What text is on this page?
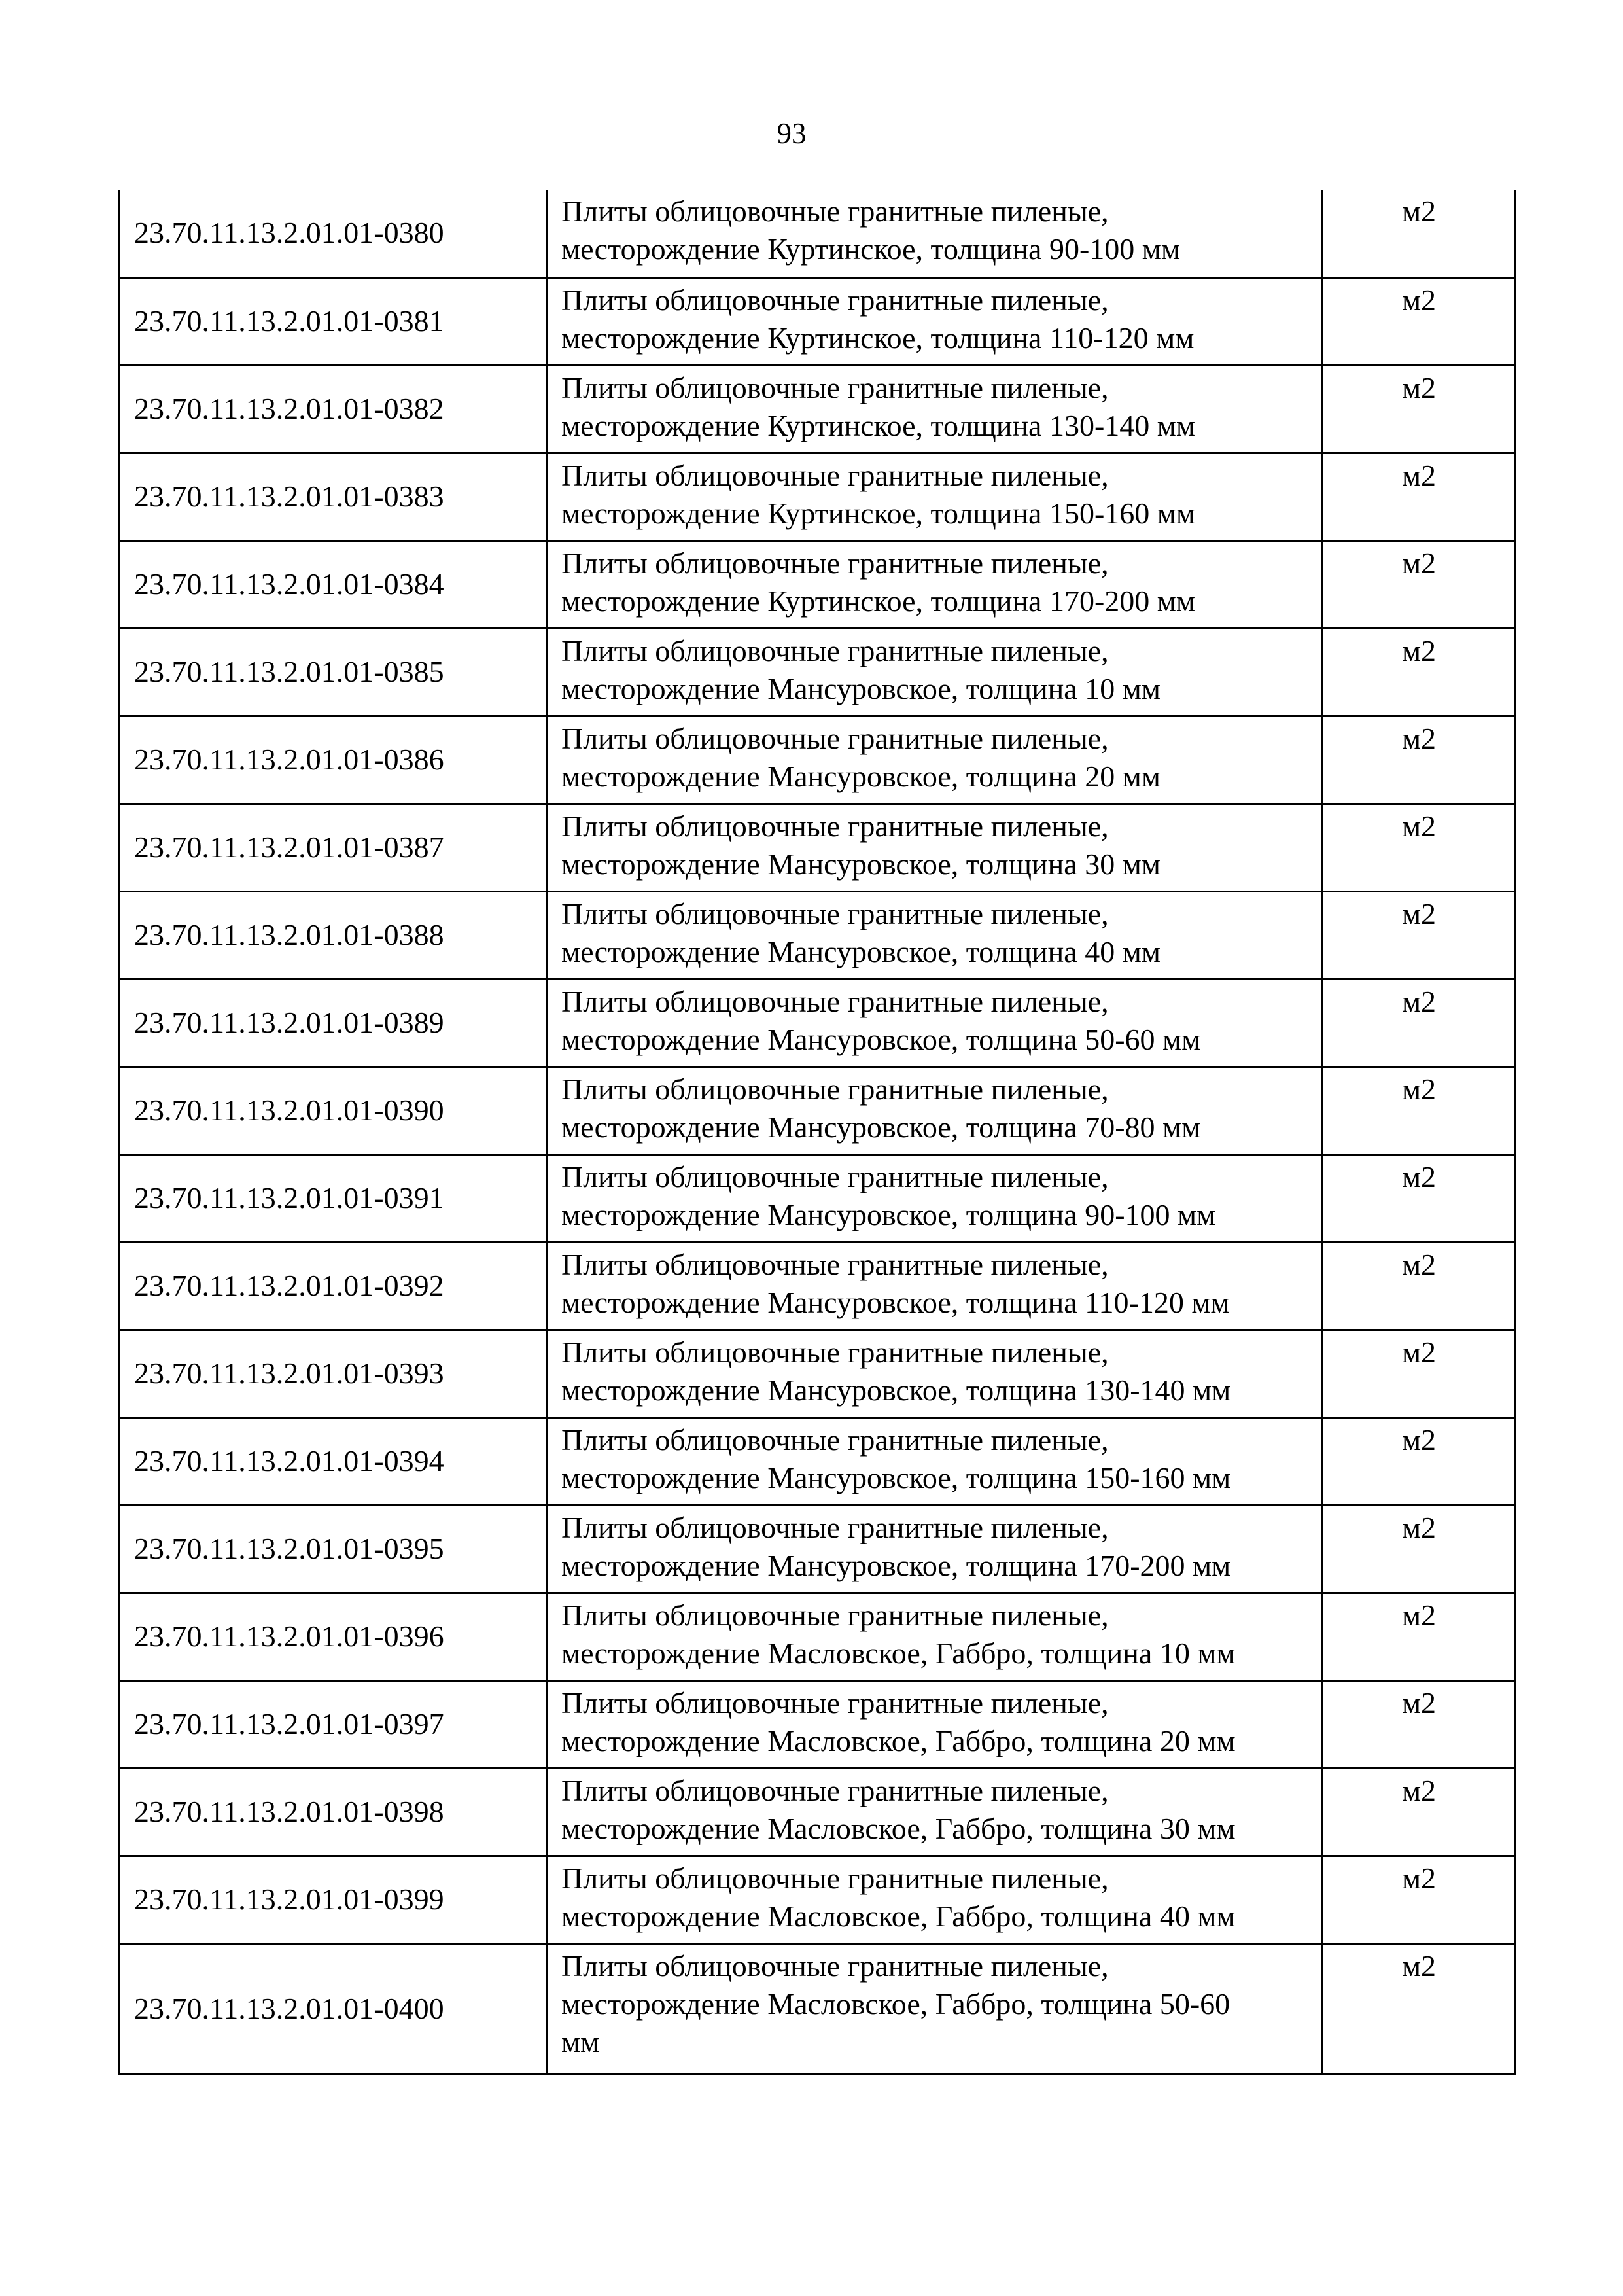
93
23.70.11.13.2.01.01-0380	Плиты облицовочные гранитные пиленые,
месторождение Куртинское, толщина 90-100 мм	м2
23.70.11.13.2.01.01-0381	Плиты облицовочные гранитные пиленые,
месторождение Куртинское, толщина 110-120 мм	м2
23.70.11.13.2.01.01-0382	Плиты облицовочные гранитные пиленые,
месторождение Куртинское, толщина 130-140 мм	м2
23.70.11.13.2.01.01-0383	Плиты облицовочные гранитные пиленые,
месторождение Куртинское, толщина 150-160 мм	м2
23.70.11.13.2.01.01-0384	Плиты облицовочные гранитные пиленые,
месторождение Куртинское, толщина 170-200 мм	м2
23.70.11.13.2.01.01-0385	Плиты облицовочные гранитные пиленые,
месторождение Мансуровское, толщина 10 мм	м2
23.70.11.13.2.01.01-0386	Плиты облицовочные гранитные пиленые,
месторождение Мансуровское, толщина 20 мм	м2
23.70.11.13.2.01.01-0387	Плиты облицовочные гранитные пиленые,
месторождение Мансуровское, толщина 30 мм	м2
23.70.11.13.2.01.01-0388	Плиты облицовочные гранитные пиленые,
месторождение Мансуровское, толщина 40 мм	м2
23.70.11.13.2.01.01-0389	Плиты облицовочные гранитные пиленые,
месторождение Мансуровское, толщина 50-60 мм	м2
23.70.11.13.2.01.01-0390	Плиты облицовочные гранитные пиленые,
месторождение Мансуровское, толщина 70-80 мм	м2
23.70.11.13.2.01.01-0391	Плиты облицовочные гранитные пиленые,
месторождение Мансуровское, толщина 90-100 мм	м2
23.70.11.13.2.01.01-0392	Плиты облицовочные гранитные пиленые,
месторождение Мансуровское, толщина 110-120 мм	м2
23.70.11.13.2.01.01-0393	Плиты облицовочные гранитные пиленые,
месторождение Мансуровское, толщина 130-140 мм	м2
23.70.11.13.2.01.01-0394	Плиты облицовочные гранитные пиленые,
месторождение Мансуровское, толщина 150-160 мм	м2
23.70.11.13.2.01.01-0395	Плиты облицовочные гранитные пиленые,
месторождение Мансуровское, толщина 170-200 мм	м2
23.70.11.13.2.01.01-0396	Плиты облицовочные гранитные пиленые,
месторождение Масловское, Габбро, толщина 10 мм	м2
23.70.11.13.2.01.01-0397	Плиты облицовочные гранитные пиленые,
месторождение Масловское, Габбро, толщина 20 мм	м2
23.70.11.13.2.01.01-0398	Плиты облицовочные гранитные пиленые,
месторождение Масловское, Габбро, толщина 30 мм	м2
23.70.11.13.2.01.01-0399	Плиты облицовочные гранитные пиленые,
месторождение Масловское, Габбро, толщина 40 мм	м2
23.70.11.13.2.01.01-0400	Плиты облицовочные гранитные пиленые,
месторождение Масловское, Габбро, толщина 50-60
мм	м2
